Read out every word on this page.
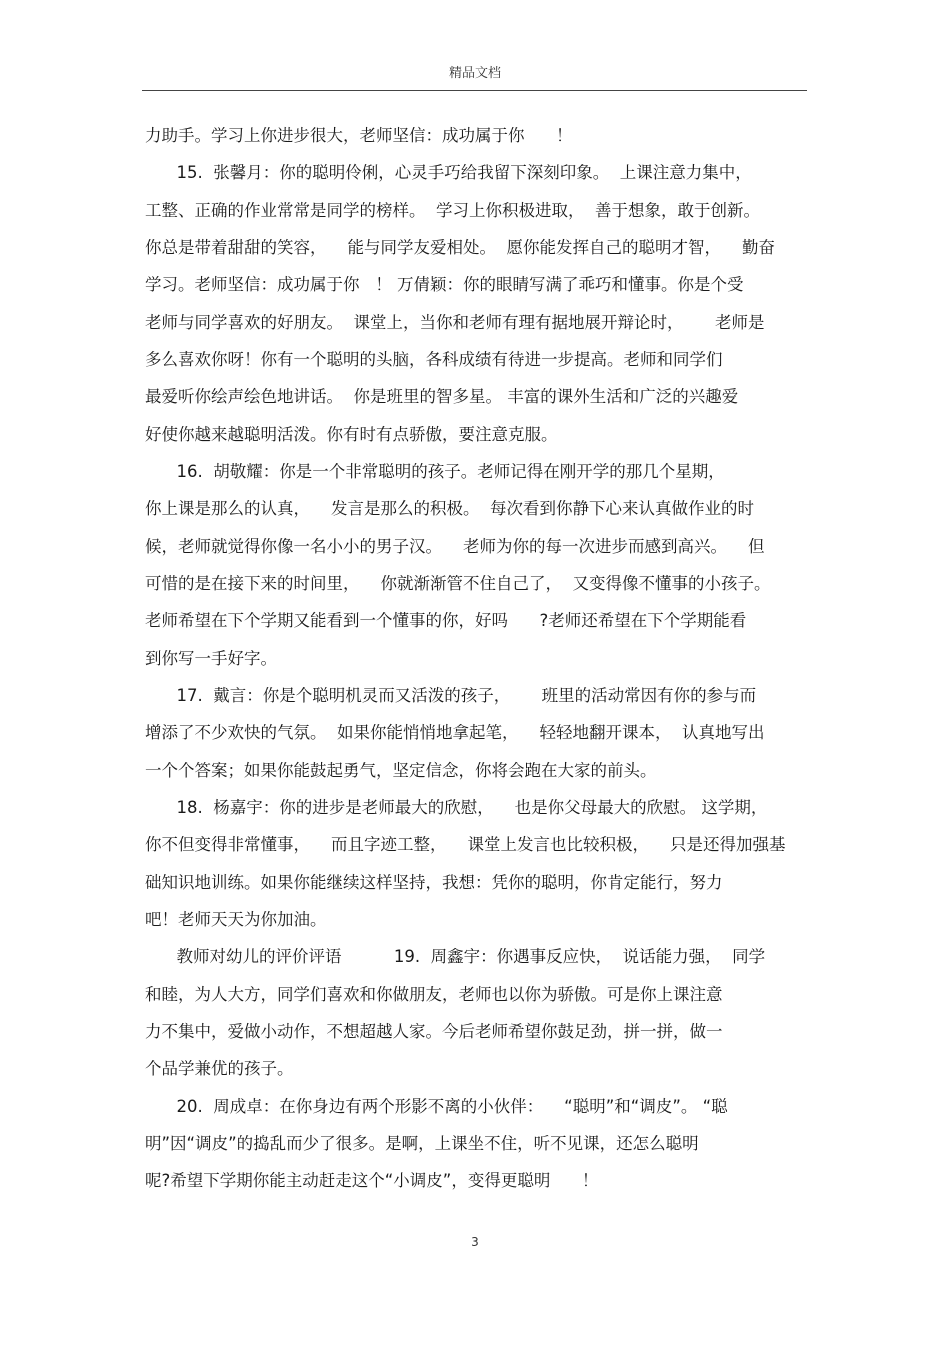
精品文档
力助手。学习上你进步很大，老师坚信：成功属于你      ！
15.  张馨月：你的聪明伶俐，心灵手巧给我留下深刻印象。  上课注意力集中，
工整、正确的作业常常是同学的榜样。  学习上你积极进取，  善于想象，敢于创新。
你总是带着甜甜的笑容，    能与同学友爱相处。  愿你能发挥自己的聪明才智，    勤奋
学习。老师坚信：成功属于你   ！ 万倩颖：你的眼睛写满了乖巧和懂事。你是个受
老师与同学喜欢的好朋友。  课堂上，当你和老师有理有据地展开辩论时，      老师是
多么喜欢你呀！你有一个聪明的头脑，各科成绩有待进一步提高。老师和同学们
最爱听你绘声绘色地讲话。  你是班里的智多星。 丰富的课外生活和广泛的兴趣爱
好使你越来越聪明活泼。你有时有点骄傲，要注意克服。
16.  胡敬耀：你是一个非常聪明的孩子。老师记得在刚开学的那几个星期，
你上课是那么的认真，    发言是那么的积极。  每次看到你静下心来认真做作业的时
候，老师就觉得你像一名小小的男子汉。    老师为你的每一次进步而感到高兴。    但
可惜的是在接下来的时间里，    你就渐渐管不住自己了，  又变得像不懂事的小孩子。
老师希望在下个学期又能看到一个懂事的你，好吗      ?老师还希望在下个学期能看
到你写一手好字。
17.  戴言：你是个聪明机灵而又活泼的孩子，      班里的活动常因有你的参与而
增添了不少欢快的气氛。  如果你能悄悄地拿起笔，    轻轻地翻开课本，  认真地写出
一个个答案；如果你能鼓起勇气，坚定信念，你将会跑在大家的前头。
18.  杨嘉宇：你的进步是老师最大的欣慰，    也是你父母最大的欣慰。 这学期，
你不但变得非常懂事，    而且字迹工整，    课堂上发言也比较积极，    只是还得加强基
础知识地训练。如果你能继续这样坚持，我想：凭你的聪明，你肯定能行，努力
吧！老师天天为你加油。
教师对幼儿的评价评语          19.  周鑫宇：你遇事反应快，  说话能力强，  同学
和睦，为人大方，同学们喜欢和你做朋友，老师也以你为骄傲。可是你上课注意
力不集中，爱做小动作，不想超越人家。今后老师希望你鼓足劲，拼一拼，做一
个品学兼优的孩子。
20.  周成卓：在你身边有两个形影不离的小伙伴：    “聪明”和“调皮”。 “聪
明”因“调皮”的捣乱而少了很多。是啊，上课坐不住，听不见课，还怎么聪明
呢?希望下学期你能主动赶走这个“小调皮”，变得更聪明      ！
3
